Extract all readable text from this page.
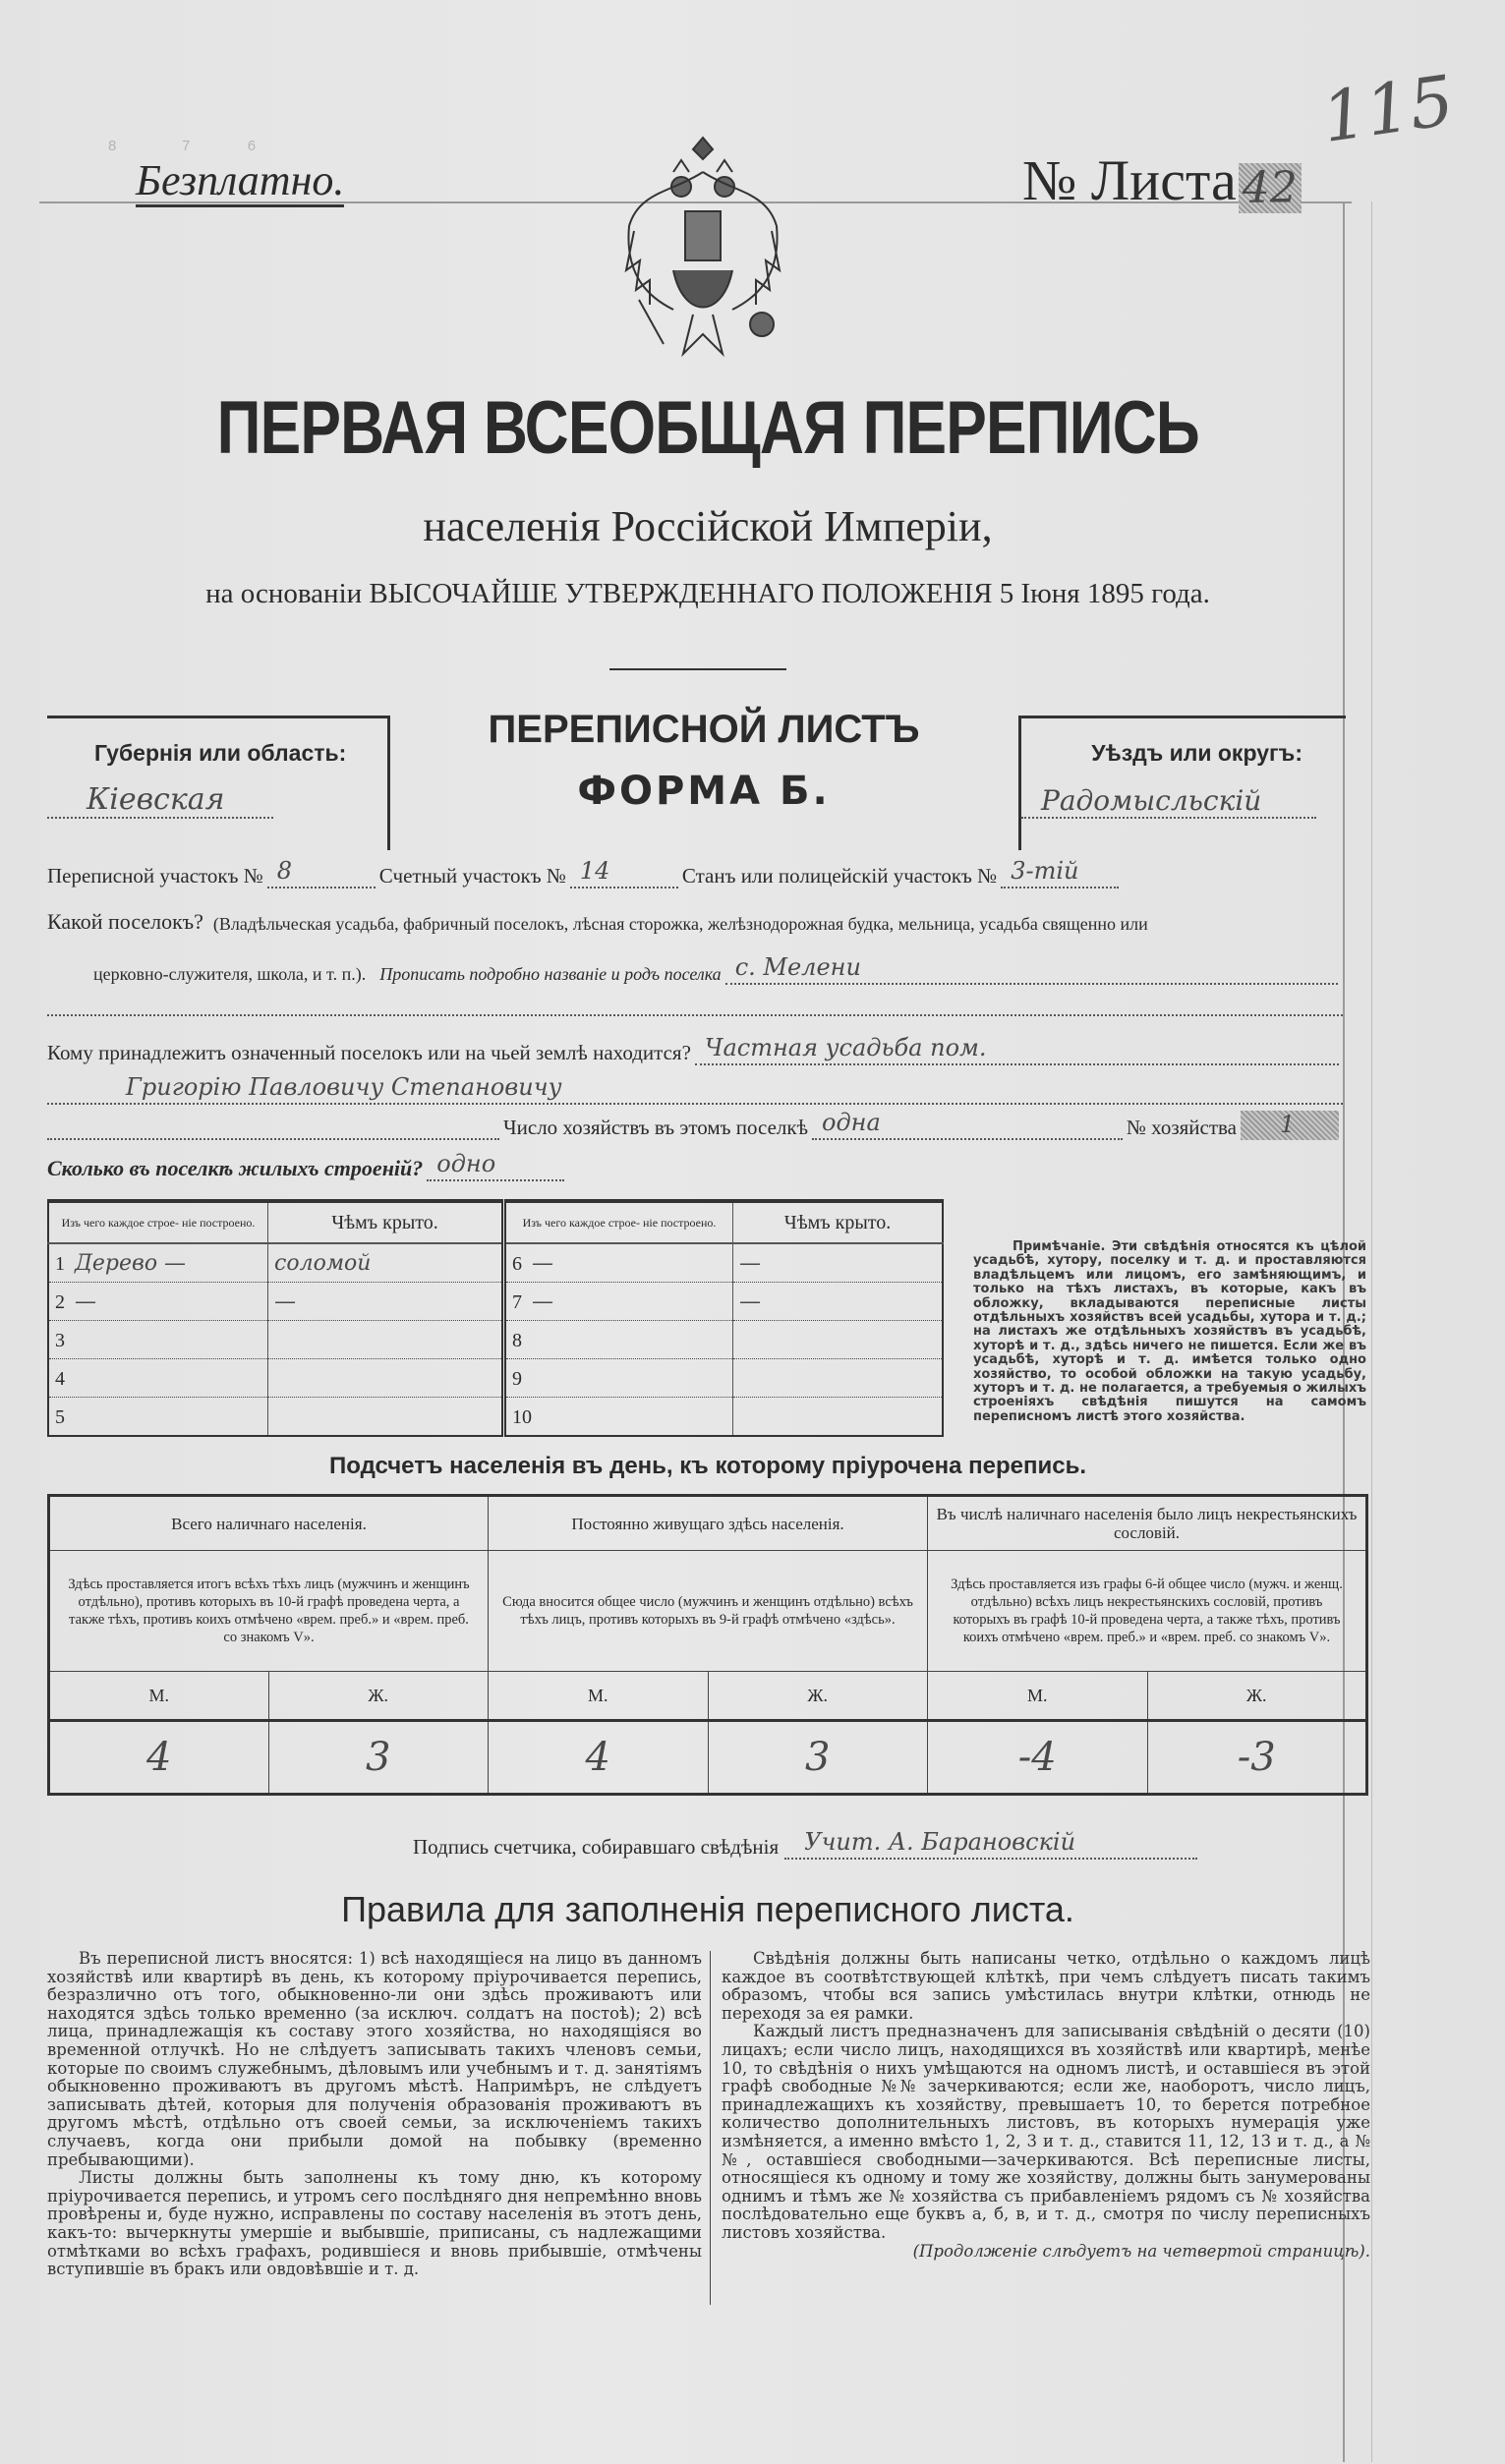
8                7              6
Безплатно.	№ Листа 42
115
ПЕРВАЯ ВСЕОБЩАЯ ПЕРЕПИСЬ
населенія Россійской Имперіи,
на основаніи ВЫСОЧАЙШЕ УТВЕРЖДЕННАГО ПОЛОЖЕНІЯ 5 Іюня 1895 года.
Губернія или область:
Кіевская
ПЕРЕПИСНОЙ ЛИСТЪ
ФОРМА Б.
Уѣздъ или округъ:
Радомысльскій
Переписной участокъ № 8	Счетный участокъ № 14	Станъ или полицейскій участокъ № 3-тій
Какой поселокъ? (Владѣльческая усадьба, фабричный поселокъ, лѣсная сторожка, желѣзнодорожная будка, мельница, усадьба священно или
церковно-служителя, школа, и т. п.). Прописать подробно названіе и родъ поселка с. Мелени
Кому принадлежитъ означенный поселокъ или на чьей землѣ находится? Частная усадьба пом.
Григорію Павловичу Степановичу
Число хозяйствъ въ этомъ поселкѣ одна	№ хозяйства 1
Сколько въ поселкѣ жилыхъ строеній? одно
Изъ чего каждое строе- ніе построено.	Чѣмъ крыто.	Изъ чего каждое строе- ніе построено.	Чѣмъ крыто.
1 Дерево —	соломой	6 —	—
2 —	—	7 —	—
3		8	
4		9	
5		10	
Примѣчаніе. Эти свѣдѣнія относятся къ цѣлой усадьбѣ, хутору, поселку и т. д. и проставляются владѣльцемъ или лицомъ, его замѣняющимъ, и только на тѣхъ листахъ, въ которые, какъ въ обложку, вкладываются переписные листы отдѣльныхъ хозяйствъ всей усадьбы, хутора и т. д.; на листахъ же отдѣльныхъ хозяйствъ въ усадьбѣ, хуторѣ и т. д., здѣсь ничего не пишется. Если же въ усадьбѣ, хуторѣ и т. д. имѣется только одно хозяйство, то особой обложки на такую усадьбу, хуторъ и т. д. не полагается, а требуемыя о жилыхъ строеніяхъ свѣдѣнія пишутся на самомъ переписномъ листѣ этого хозяйства.
Подсчетъ населенія въ день, къ которому пріурочена перепись.
Всего наличнаго населенія.		Постоянно живущаго здѣсь населенія.		Въ числѣ наличнаго населенія было лицъ некрестьянскихъ сословій.	
Здѣсь проставляется итогъ всѣхъ тѣхъ лицъ (мужчинъ и женщинъ отдѣльно), противъ которыхъ въ 10-й графѣ проведена черта, а также тѣхъ, противъ коихъ отмѣчено «врем. преб.» и «врем. преб. со знакомъ V».		Сюда вносится общее число (мужчинъ и женщинъ отдѣльно) всѣхъ тѣхъ лицъ, противъ которыхъ въ 9-й графѣ отмѣчено «здѣсь».		Здѣсь проставляется изъ графы 6-й общее число (мужч. и женщ. отдѣльно) всѣхъ лицъ некрестьянскихъ сословій, противъ которыхъ въ графѣ 10-й проведена черта, а также тѣхъ, противъ коихъ отмѣчено «врем. преб.» и «врем. преб. со знакомъ V».	
М.	Ж.	М.	Ж.	М.	Ж.
4	3	4	3	-4	-3
Подпись счетчика, собиравшаго свѣдѣнія Учит. А. Барановскій
Правила для заполненія переписного листа.

Въ переписной листъ вносятся: 1) всѣ находящіеся на лицо въ данномъ хозяйствѣ или квартирѣ въ день, къ которому пріурочивается перепись, безразлично отъ того, обыкновенно-ли они здѣсь проживаютъ или находятся здѣсь только временно (за исключ. солдатъ на постоѣ); 2) всѣ лица, принадлежащія къ составу этого хозяйства, но находящіяся во временной отлучкѣ. Но не слѣдуетъ записывать такихъ членовъ семьи, которые по своимъ служебнымъ, дѣловымъ или учебнымъ и т. д. занятіямъ обыкновенно проживаютъ въ другомъ мѣстѣ. Напримѣръ, не слѣдуетъ записывать дѣтей, которыя для полученія образованія проживаютъ въ другомъ мѣстѣ, отдѣльно отъ своей семьи, за исключеніемъ такихъ случаевъ, когда они прибыли домой на побывку (временно пребывающими).

Листы должны быть заполнены къ тому дню, къ которому пріурочивается перепись, и утромъ сего послѣдняго дня непремѣнно вновь провѣрены и, буде нужно, исправлены по составу населенія въ этотъ день, какъ-то: вычеркнуты умершіе и выбывшіе, приписаны, съ надлежащими отмѣтками во всѣхъ графахъ, родившіеся и вновь прибывшіе, отмѣчены вступившіе въ бракъ или овдовѣвшіе и т. д.

Свѣдѣнія должны быть написаны четко, отдѣльно о каждомъ лицѣ каждое въ соотвѣтствующей клѣткѣ, при чемъ слѣдуетъ писать такимъ образомъ, чтобы вся запись умѣстилась внутри клѣтки, отнюдь не переходя за ея рамки.

Каждый листъ предназначенъ для записыванія свѣдѣній о десяти (10) лицахъ; если число лицъ, находящихся въ хозяйствѣ или квартирѣ, менѣе 10, то свѣдѣнія о нихъ умѣщаются на одномъ листѣ, и оставшіеся въ этой графѣ свободные №№ зачеркиваются; если же, наоборотъ, число лицъ, принадлежащихъ къ хозяйству, превышаетъ 10, то берется потребное количество дополнительныхъ листовъ, въ которыхъ нумерація уже измѣняется, а именно вмѣсто 1, 2, 3 и т. д., ставится 11, 12, 13 и т. д., а №№, оставшіеся свободными—зачеркиваются. Всѣ переписные листы, относящіеся къ одному и тому же хозяйству, должны быть занумерованы однимъ и тѣмъ же № хозяйства съ прибавленіемъ рядомъ съ № хозяйства послѣдовательно еще буквъ а, б, в, и т. д., смотря по числу переписныхъ листовъ хозяйства.

(Продолженіе слѣдуетъ на четвертой страницѣ).
